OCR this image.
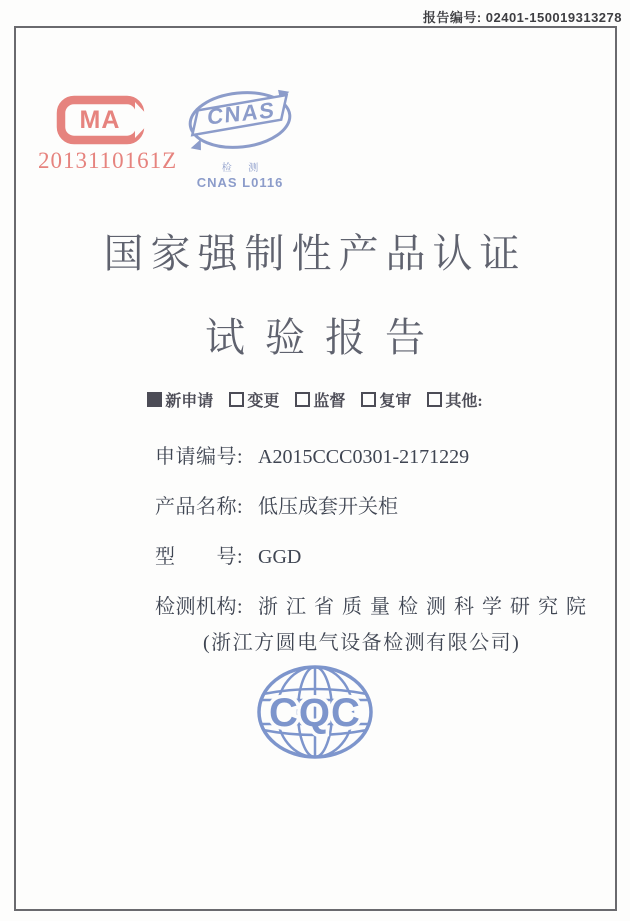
报告编号: 02401-150019313278
MA
2013110161Z
CNAS
检 测
CNAS L0116
国家强制性产品认证
试验报告
新申请 变更 监督 复审 其他:
申请编号: A2015CCC0301-2171229
产品名称: 低压成套开关柜
型　　号: GGD
检测机构: 浙江省质量检测科学研究院
(浙江方圆电气设备检测有限公司)
CQC
